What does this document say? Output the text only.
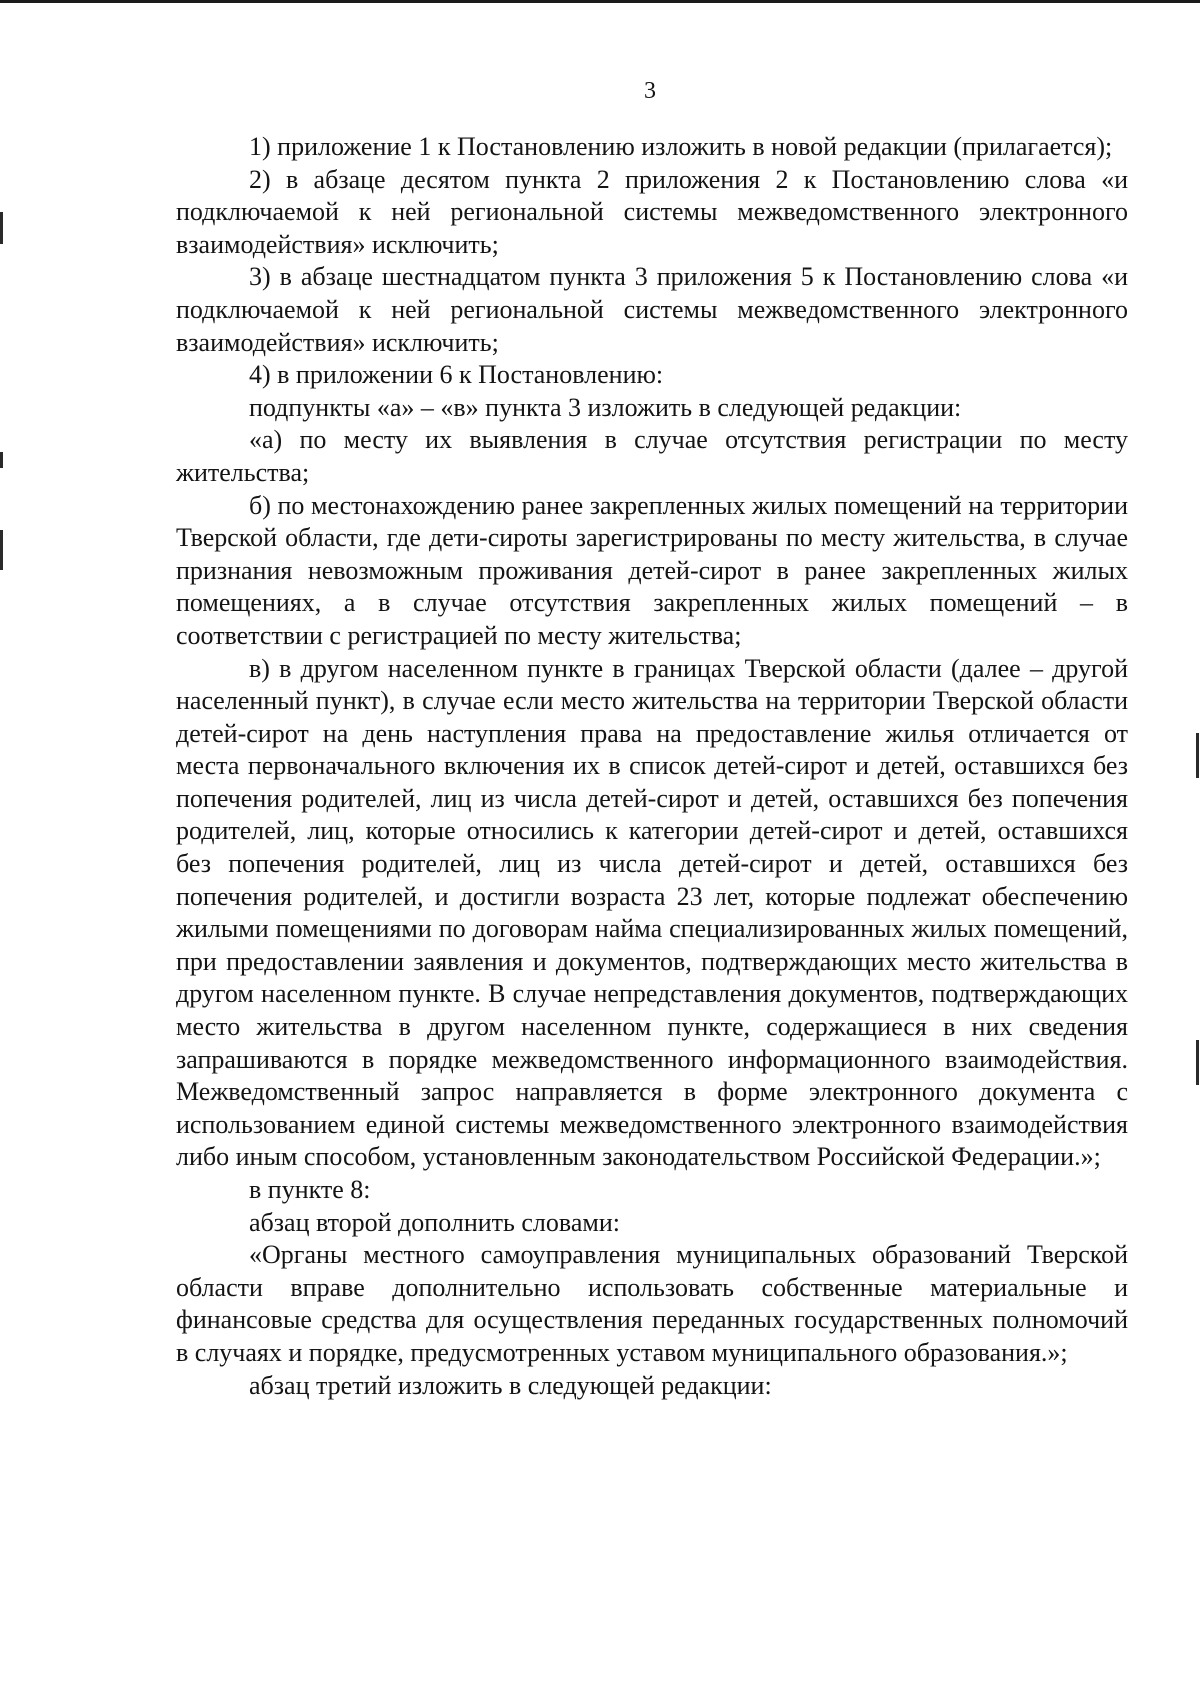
3

1) приложение 1 к Постановлению изложить в новой редакции (прилагается);

2) в абзаце десятом пункта 2 приложения 2 к Постановлению слова «и подключаемой к ней региональной системы межведомственного электронного взаимодействия» исключить;

3) в абзаце шестнадцатом пункта 3 приложения 5 к Постановлению слова «и подключаемой к ней региональной системы межведомственного электронного взаимодействия» исключить;

4) в приложении 6 к Постановлению:

подпункты «а» – «в» пункта 3 изложить в следующей редакции:

«а) по месту их выявления в случае отсутствия регистрации по месту жительства;

б) по местонахождению ранее закрепленных жилых помещений на территории Тверской области, где дети-сироты зарегистрированы по месту жительства, в случае признания невозможным проживания детей-сирот в ранее закрепленных жилых помещениях, а в случае отсутствия закрепленных жилых помещений – в соответствии с регистрацией по месту жительства;

в) в другом населенном пункте в границах Тверской области (далее – другой населенный пункт), в случае если место жительства на территории Тверской области детей-сирот на день наступления права на предоставление жилья отличается от места первоначального включения их в список детей-сирот и детей, оставшихся без попечения родителей, лиц из числа детей-сирот и детей, оставшихся без попечения родителей, лиц, которые относились к категории детей-сирот и детей, оставшихся без попечения родителей, лиц из числа детей-сирот и детей, оставшихся без попечения родителей, и достигли возраста 23 лет, которые подлежат обеспечению жилыми помещениями по договорам найма специализированных жилых помещений, при предоставлении заявления и документов, подтверждающих место жительства в другом населенном пункте. В случае непредставления документов, подтверждающих место жительства в другом населенном пункте, содержащиеся в них сведения запрашиваются в порядке межведомственного информационного взаимодействия. Межведомственный запрос направляется в форме электронного документа с использованием единой системы межведомственного электронного взаимодействия либо иным способом, установленным законодательством Российской Федерации.»;

в пункте 8:

абзац второй дополнить словами:

«Органы местного самоуправления муниципальных образований Тверской области вправе дополнительно использовать собственные материальные и финансовые средства для осуществления переданных государственных полномочий в случаях и порядке, предусмотренных уставом муниципального образования.»;

абзац третий изложить в следующей редакции:
